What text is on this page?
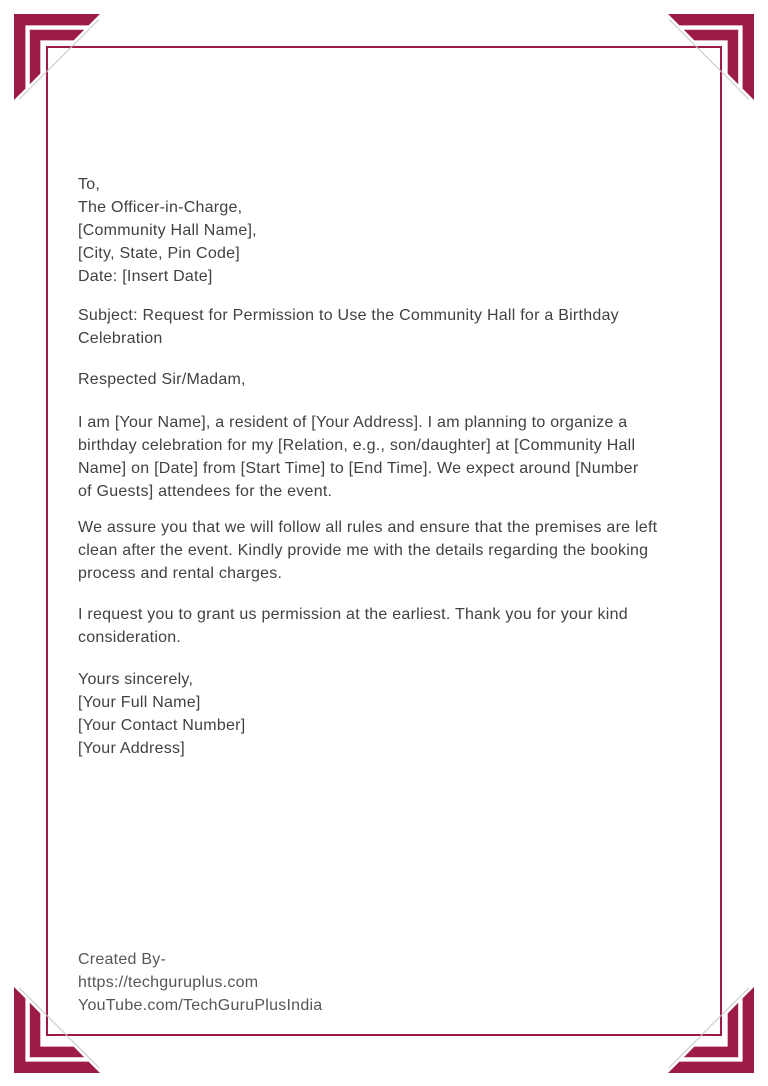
To,
The Officer-in-Charge,
[Community Hall Name],
[City, State, Pin Code]
Date: [Insert Date]
Subject: Request for Permission to Use the Community Hall for a Birthday
Celebration
Respected Sir/Madam,
I am [Your Name], a resident of [Your Address]. I am planning to organize a
birthday celebration for my [Relation, e.g., son/daughter] at [Community Hall
Name] on [Date] from [Start Time] to [End Time]. We expect around [Number
of Guests] attendees for the event.
We assure you that we will follow all rules and ensure that the premises are left
clean after the event. Kindly provide me with the details regarding the booking
process and rental charges.
I request you to grant us permission at the earliest. Thank you for your kind
consideration.
Yours sincerely,
[Your Full Name]
[Your Contact Number]
[Your Address]
Created By-
https://techguruplus.com
YouTube.com/TechGuruPlusIndia
